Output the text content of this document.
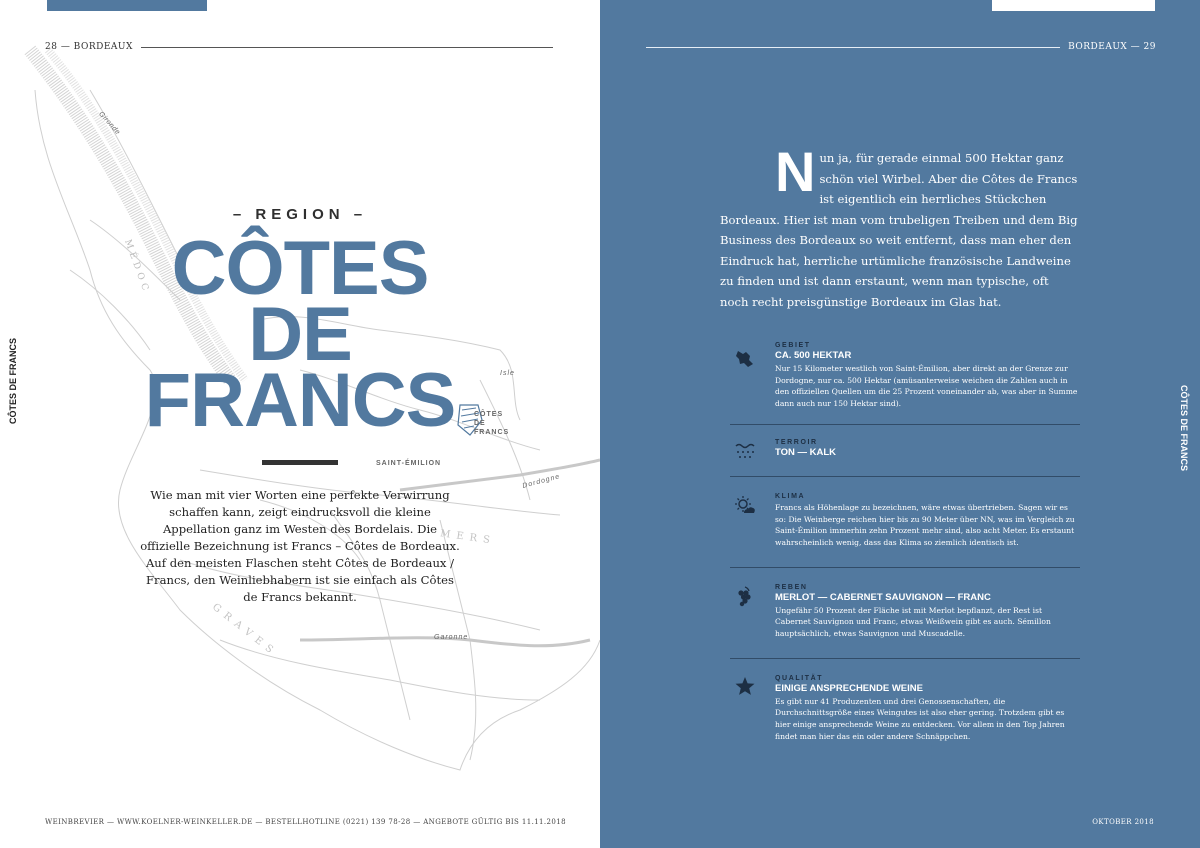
28 — BORDEAUX
Gironde
MÉDOC
Isle
CÔTES DE FRANCS
SAINT-ÉMILION
Dordogne
MERS
GRAVES	Garonne
– REGION –
CÔTES
DE
FRANCS

Wie man mit vier Worten eine perfekte Verwirrung schaffen kann, zeigt eindrucksvoll die kleine Appellation ganz im Westen des Bordelais. Die offizielle Bezeichnung ist Francs – Côtes de Bordeaux. Auf den meisten Flaschen steht Côtes de Bordeaux / Francs, den Weinliebhabern ist sie einfach als Côtes de Francs bekannt.

WEINBREVIER — WWW.KOELNER-WEINKELLER.DE — BESTELLHOTLINE (0221) 139 78-28 — ANGEBOTE GÜLTIG BIS 11.11.2018
CÔTES DE FRANCS
BORDEAUX — 29
N un ja, für gerade einmal 500 Hektar ganz schön viel Wirbel. Aber die Côtes de Francs ist eigentlich ein herrliches Stückchen Bordeaux. Hier ist man vom trubeligen Treiben und dem Big Business des Bordeaux so weit entfernt, dass man eher den Eindruck hat, herrliche urtümliche französische Landweine zu finden und ist dann erstaunt, wenn man typische, oft noch recht preisgünstige Bordeaux im Glas hat.
GEBIET
CA. 500 HEKTAR
Nur 15 Kilometer westlich von Saint-Émilion, aber direkt an der Grenze zur Dordogne, nur ca. 500 Hektar (amüsanterweise weichen die Zahlen auch in den offiziellen Quellen um die 25 Prozent voneinander ab, was aber in Summe dann auch nur 150 Hektar sind).
TERROIR
TON — KALK
KLIMA
Francs als Höhenlage zu bezeichnen, wäre etwas übertrieben. Sagen wir es so: Die Weinberge reichen hier bis zu 90 Meter über NN, was im Vergleich zu Saint-Émilion immerhin zehn Prozent mehr sind, also acht Meter. Es erstaunt wahrscheinlich wenig, dass das Klima so ziemlich identisch ist.
REBEN
MERLOT — CABERNET SAUVIGNON — FRANC
Ungefähr 50 Prozent der Fläche ist mit Merlot bepflanzt, der Rest ist Cabernet Sauvignon und Franc, etwas Weißwein gibt es auch. Sémillon hauptsächlich, etwas Sauvignon und Muscadelle.
QUALITÄT
EINIGE ANSPRECHENDE WEINE
Es gibt nur 41 Produzenten und drei Genossenschaften, die Durchschnittsgröße eines Weingutes ist also eher gering. Trotzdem gibt es hier einige ansprechende Weine zu entdecken. Vor allem in den Top Jahren findet man hier das ein oder andere Schnäppchen.
OKTOBER 2018
CÔTES DE FRANCS
